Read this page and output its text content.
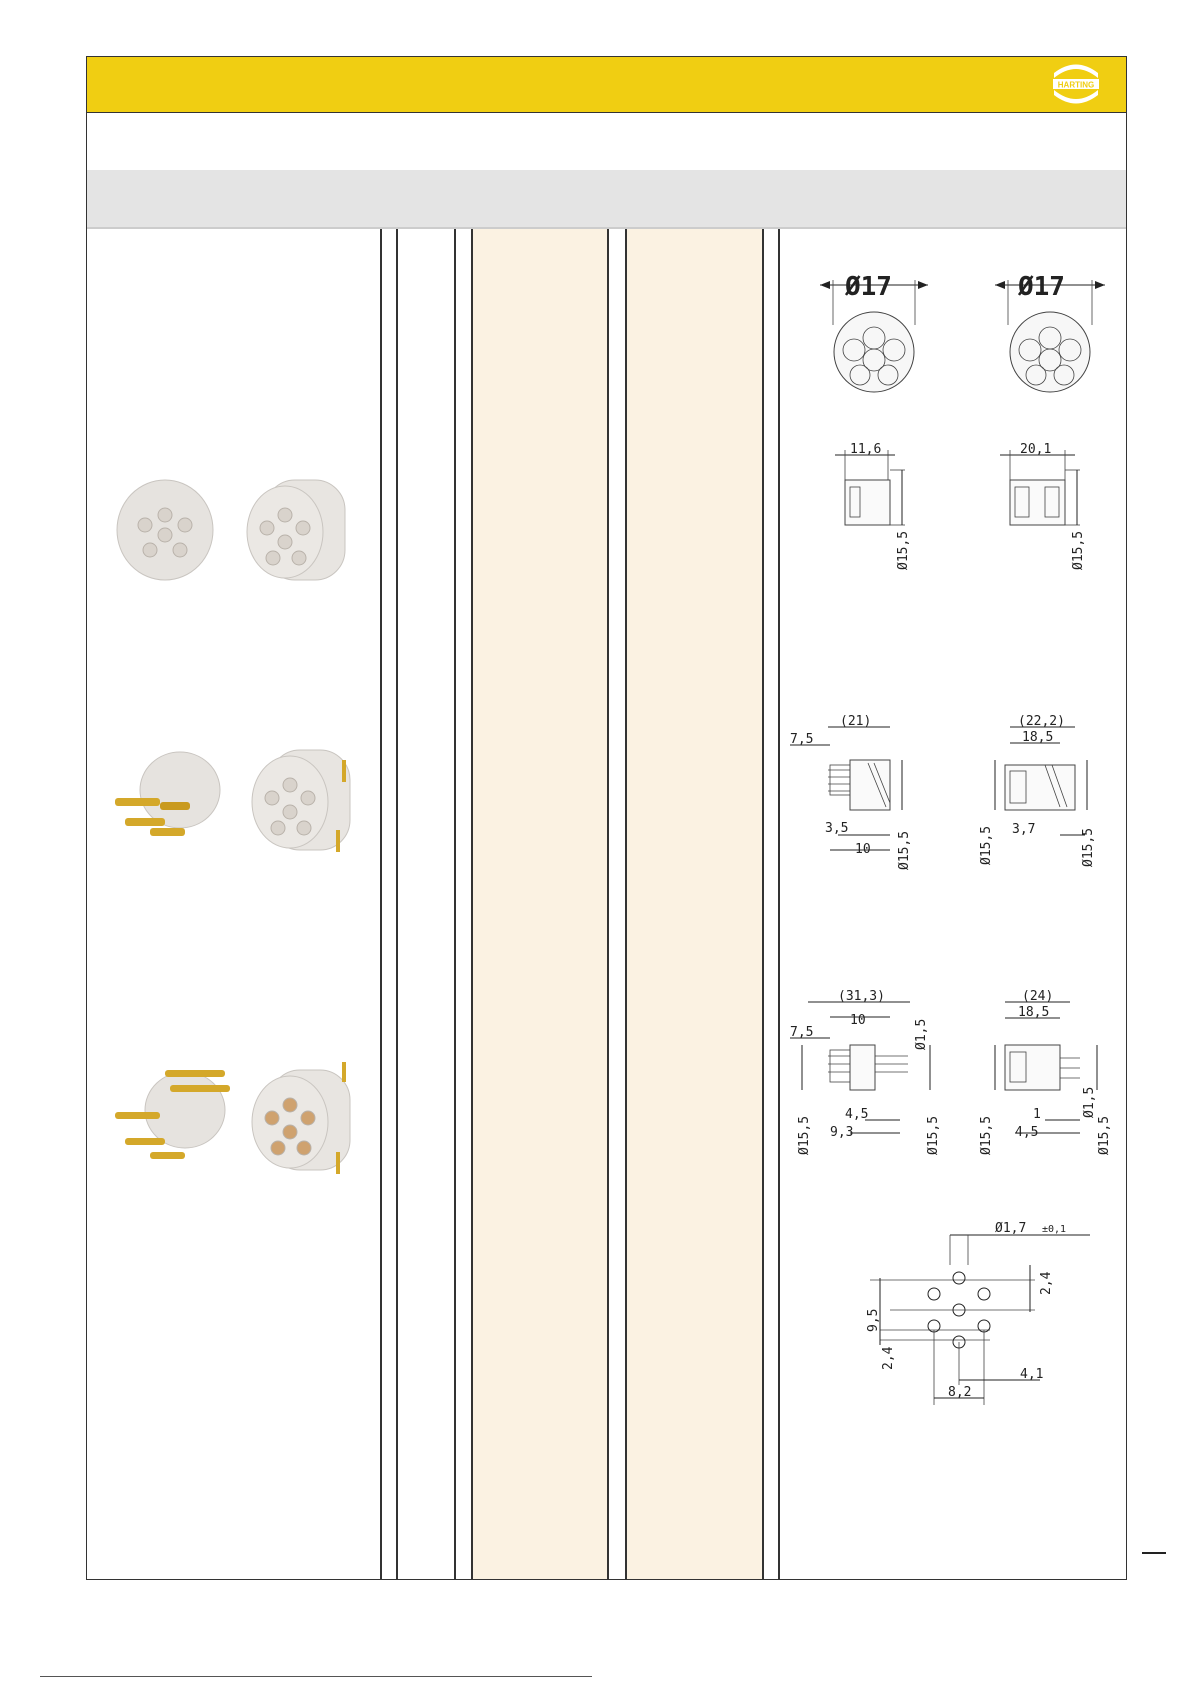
HARTING
Ø17	Ø17
11,6
Ø15,5
20,1
Ø15,5
(21)
7,5
3,5
10 Ø15,5
(22,2)
18,5
Ø15,5 3,7	Ø15,5
(31,3)
10
7,5
Ø15,5
4,5
9,3
Ø1,5
Ø15,5
(24)
18,5
Ø15,5
1
4,5
Ø1,5
Ø15,5
Ø1,7 ±0,1
2,4
9,5
2,4
4,1
8,2
